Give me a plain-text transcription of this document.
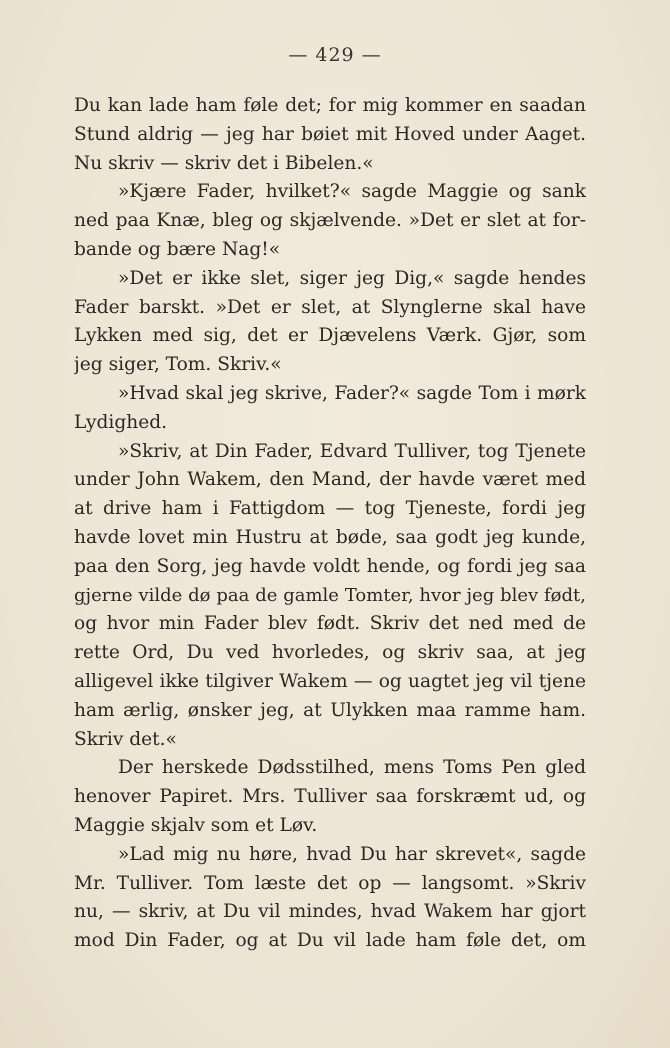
— 429 —
Du kan lade ham føle det; for mig kommer en saadan
Stund aldrig — jeg har bøiet mit Hoved under Aaget.
Nu skriv — skriv det i Bibelen.«
»Kjære Fader, hvilket?« sagde Maggie og sank
ned paa Knæ, bleg og skjælvende. »Det er slet at for-
bande og bære Nag!«
»Det er ikke slet, siger jeg Dig,« sagde hendes
Fader barskt. »Det er slet, at Slynglerne skal have
Lykken med sig, det er Djævelens Værk. Gjør, som
jeg siger, Tom. Skriv.«
»Hvad skal jeg skrive, Fader?« sagde Tom i mørk
Lydighed.
»Skriv, at Din Fader, Edvard Tulliver, tog Tjenete
under John Wakem, den Mand, der havde været med
at drive ham i Fattigdom — tog Tjeneste, fordi jeg
havde lovet min Hustru at bøde, saa godt jeg kunde,
paa den Sorg, jeg havde voldt hende, og fordi jeg saa
gjerne vilde dø paa de gamle Tomter, hvor jeg blev født,
og hvor min Fader blev født. Skriv det ned med de
rette Ord, Du ved hvorledes, og skriv saa, at jeg
alligevel ikke tilgiver Wakem — og uagtet jeg vil tjene
ham ærlig, ønsker jeg, at Ulykken maa ramme ham.
Skriv det.«
Der herskede Dødsstilhed, mens Toms Pen gled
henover Papiret. Mrs. Tulliver saa forskræmt ud, og
Maggie skjalv som et Løv.
»Lad mig nu høre, hvad Du har skrevet«, sagde
Mr. Tulliver. Tom læste det op — langsomt. »Skriv
nu, — skriv, at Du vil mindes, hvad Wakem har gjort
mod Din Fader, og at Du vil lade ham føle det, om
